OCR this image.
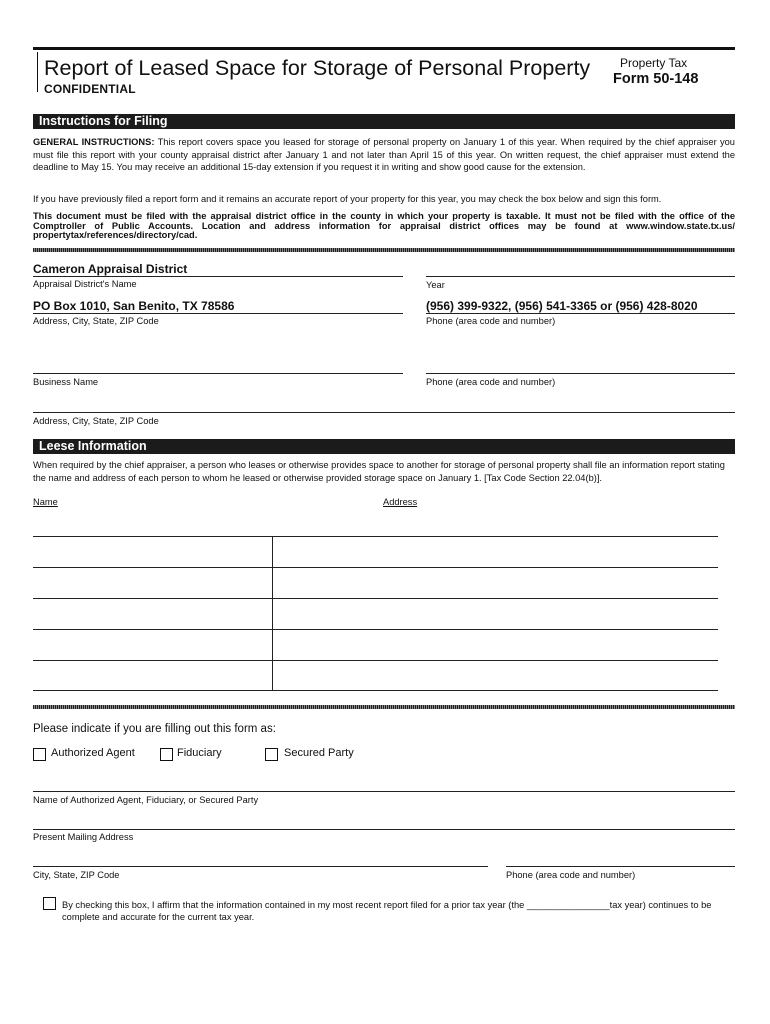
Report of Leased Space for Storage of Personal Property
CONFIDENTIAL
Property Tax
Form 50-148
Instructions for Filing
GENERAL INSTRUCTIONS: This report covers space you leased for storage of personal property on January 1 of this year. When required by the chief appraiser you must file this report with your county appraisal district after January 1 and not later than April 15 of this year. On written request, the chief appraiser must extend the deadline to May 15. You may receive an additional 15-day extension if you request it in writing and show good cause for the extension.
If you have previously filed a report form and it remains an accurate report of your property for this year, you may check the box below and sign this form.
This document must be filed with the appraisal district office in the county in which your property is taxable. It must not be filed with the office of the Comptroller of Public Accounts. Location and address information for appraisal district offices may be found at www.window.state.tx.us/ propertytax/references/directory/cad.
Cameron Appraisal District
Appraisal District's Name	Year
PO Box 1010, San Benito, TX 78586
Address, City, State, ZIP Code
(956) 399-9322, (956) 541-3365 or (956) 428-8020
Phone (area code and number)
Business Name	Phone (area code and number)
Address, City, State, ZIP Code
Leese Information
When required by the chief appraiser, a person who leases or otherwise provides space to another for storage of personal property shall file an information report stating the name and address of each person to whom he leased or otherwise provided storage space on January 1. [Tax Code Section 22.04(b)].
Name	Address
Please indicate if you are filling out this form as:
Authorized Agent	Fiduciary	Secured Party
Name of Authorized Agent, Fiduciary, or Secured Party
Present Mailing Address
City, State, ZIP Code	Phone (area code and number)
By checking this box, I affirm that the information contained in my most recent report filed for a prior tax year (the ________________tax year) continues to be complete and accurate for the current tax year.
